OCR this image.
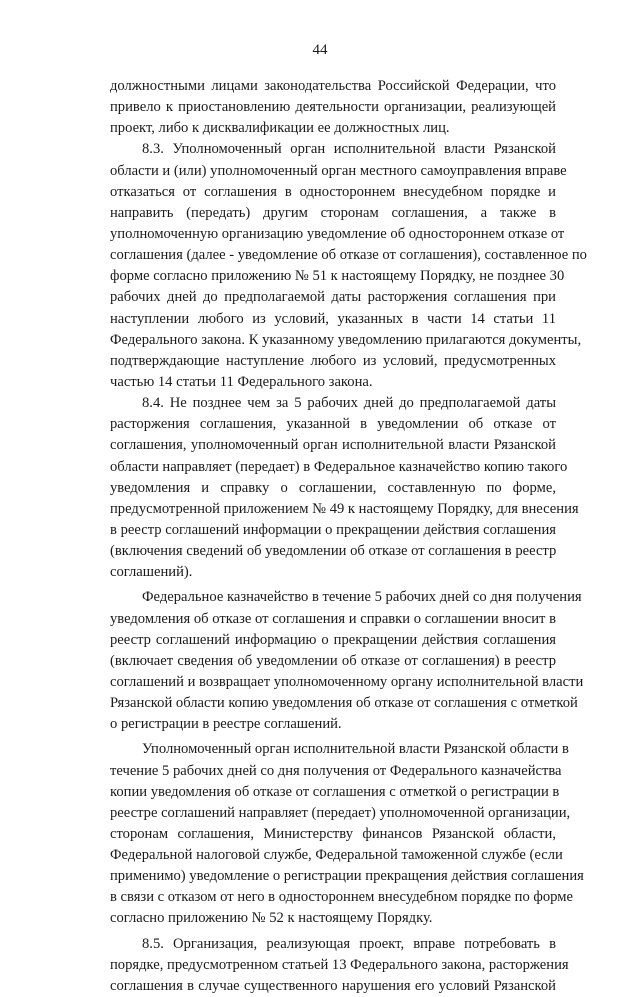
44
должностными лицами законодательства Российской Федерации, что
привело к приостановлению деятельности организации, реализующей
проект, либо к дисквалификации ее должностных лиц.
8.3. Уполномоченный орган исполнительной власти Рязанской
области и (или) уполномоченный орган местного самоуправления вправе
отказаться от соглашения в одностороннем внесудебном порядке и
направить (передать) другим сторонам соглашения, а также в
уполномоченную организацию уведомление об одностороннем отказе от
соглашения (далее - уведомление об отказе от соглашения), составленное по
форме согласно приложению № 51 к настоящему Порядку, не позднее 30
рабочих дней до предполагаемой даты расторжения соглашения при
наступлении любого из условий, указанных в части 14 статьи 11
Федерального закона. К указанному уведомлению прилагаются документы,
подтверждающие наступление любого из условий, предусмотренных
частью 14 статьи 11 Федерального закона.
8.4. Не позднее чем за 5 рабочих дней до предполагаемой даты
расторжения соглашения, указанной в уведомлении об отказе от
соглашения, уполномоченный орган исполнительной власти Рязанской
области направляет (передает) в Федеральное казначейство копию такого
уведомления и справку о соглашении, составленную по форме,
предусмотренной приложением № 49 к настоящему Порядку, для внесения
в реестр соглашений информации о прекращении действия соглашения
(включения сведений об уведомлении об отказе от соглашения в реестр
соглашений).
Федеральное казначейство в течение 5 рабочих дней со дня получения
уведомления об отказе от соглашения и справки о соглашении вносит в
реестр соглашений информацию о прекращении действия соглашения
(включает сведения об уведомлении об отказе от соглашения) в реестр
соглашений и возвращает уполномоченному органу исполнительной власти
Рязанской области копию уведомления об отказе от соглашения с отметкой
о регистрации в реестре соглашений.
Уполномоченный орган исполнительной власти Рязанской области в
течение 5 рабочих дней со дня получения от Федерального казначейства
копии уведомления об отказе от соглашения с отметкой о регистрации в
реестре соглашений направляет (передает) уполномоченной организации,
сторонам соглашения, Министерству финансов Рязанской области,
Федеральной налоговой службе, Федеральной таможенной службе (если
применимо) уведомление о регистрации прекращения действия соглашения
в связи с отказом от него в одностороннем внесудебном порядке по форме
согласно приложению № 52 к настоящему Порядку.
8.5. Организация, реализующая проект, вправе потребовать в
порядке, предусмотренном статьей 13 Федерального закона, расторжения
соглашения в случае существенного нарушения его условий Рязанской
